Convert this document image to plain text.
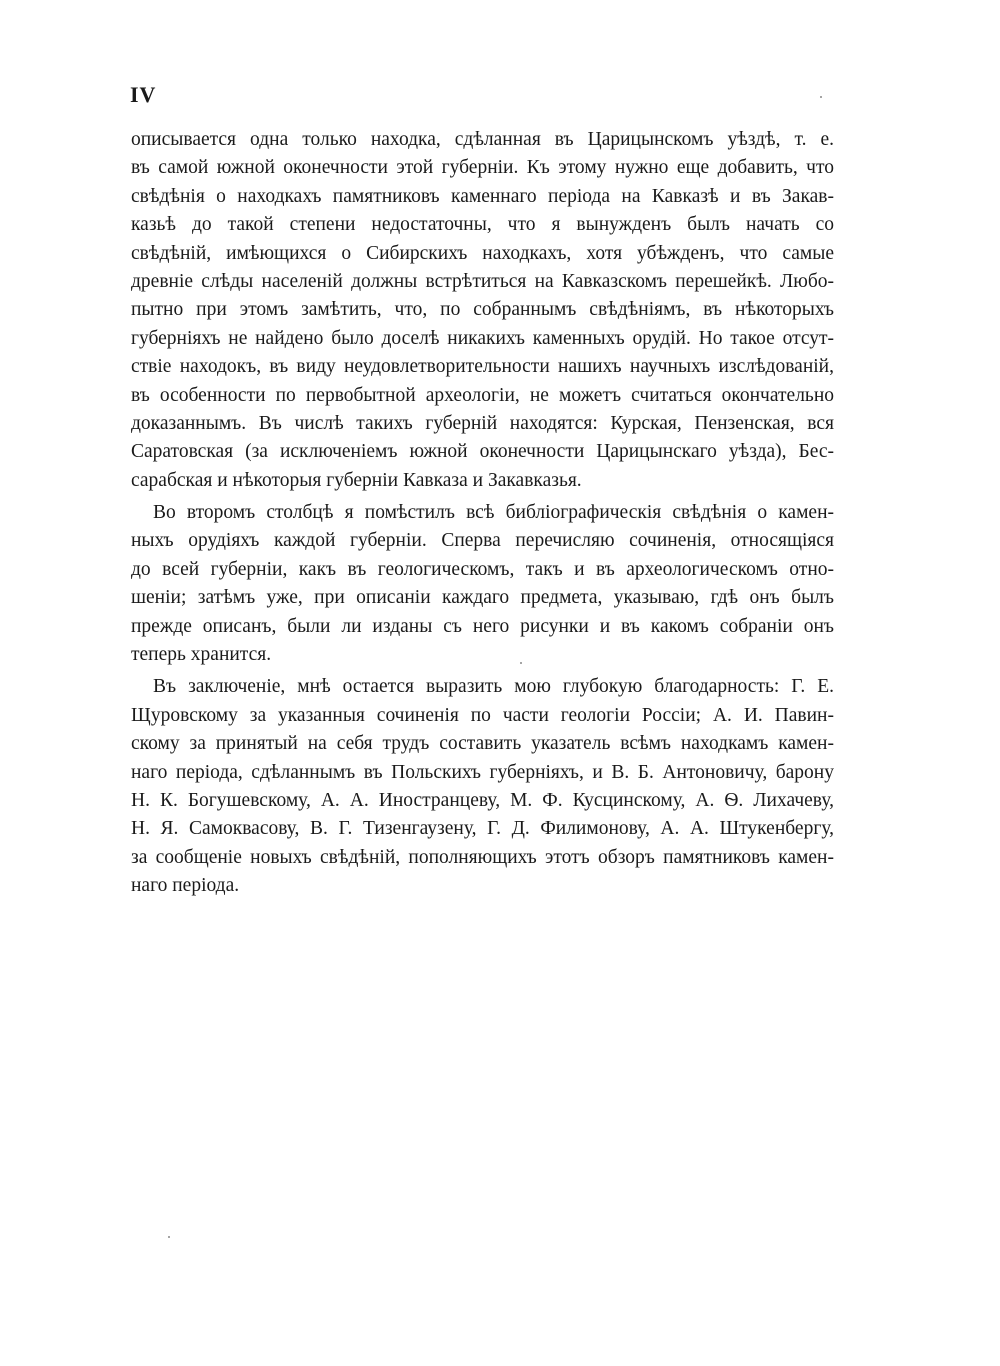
IV
описывается одна только находка, сдѣланная въ Царицынскомъ уѣздѣ, т. е.
въ самой южной оконечности этой губерніи. Къ этому нужно еще добавить, что
свѣдѣнія о находкахъ памятниковъ каменнаго періода на Кавказѣ и въ Закав-
казьѣ до такой степени недостаточны, что я вынужденъ былъ начать со
свѣдѣній, имѣющихся о Сибирскихъ находкахъ, хотя убѣжденъ, что самые
древніе слѣды населеній должны встрѣтиться на Кавказскомъ перешейкѣ. Любо-
пытно при этомъ замѣтить, что, по собраннымъ свѣдѣніямъ, въ нѣкоторыхъ
губерніяхъ не найдено было доселѣ никакихъ каменныхъ орудій. Но такое отсут-
ствіе находокъ, въ виду неудовлетворительности нашихъ научныхъ изслѣдованій,
въ особенности по первобытной археологіи, не можетъ считаться окончательно
доказаннымъ. Въ числѣ такихъ губерній находятся: Курская, Пензенская, вся
Саратовская (за исключеніемъ южной оконечности Царицынскаго уѣзда), Бес-
сарабская и нѣкоторыя губерніи Кавказа и Закавказья.
Во второмъ столбцѣ я помѣстилъ всѣ библіографическія свѣдѣнія о камен-
ныхъ орудіяхъ каждой губерніи. Сперва перечисляю сочиненія, относящіяся
до всей губерніи, какъ въ геологическомъ, такъ и въ археологическомъ отно-
шеніи; затѣмъ уже, при описаніи каждаго предмета, указываю, гдѣ онъ былъ
прежде описанъ, были ли изданы съ него рисунки и въ какомъ собраніи онъ
теперь хранится.
Въ заключеніе, мнѣ остается выразить мою глубокую благодарность: Г. Е.
Щуровскому за указанныя сочиненія по части геологіи Россіи; А. И. Павин-
скому за принятый на себя трудъ составить указатель всѣмъ находкамъ камен-
наго періода, сдѣланнымъ въ Польскихъ губерніяхъ, и В. Б. Антоновичу, барону
Н. К. Богушевскому, А. А. Иностранцеву, М. Ф. Кусцинскому, А. Ѳ. Лихачеву,
Н. Я. Самоквасову, В. Г. Тизенгаузену, Г. Д. Филимонову, А. А. Штукенбергу,
за сообщеніе новыхъ свѣдѣній, пополняющихъ этотъ обзоръ памятниковъ камен-
наго періода.
